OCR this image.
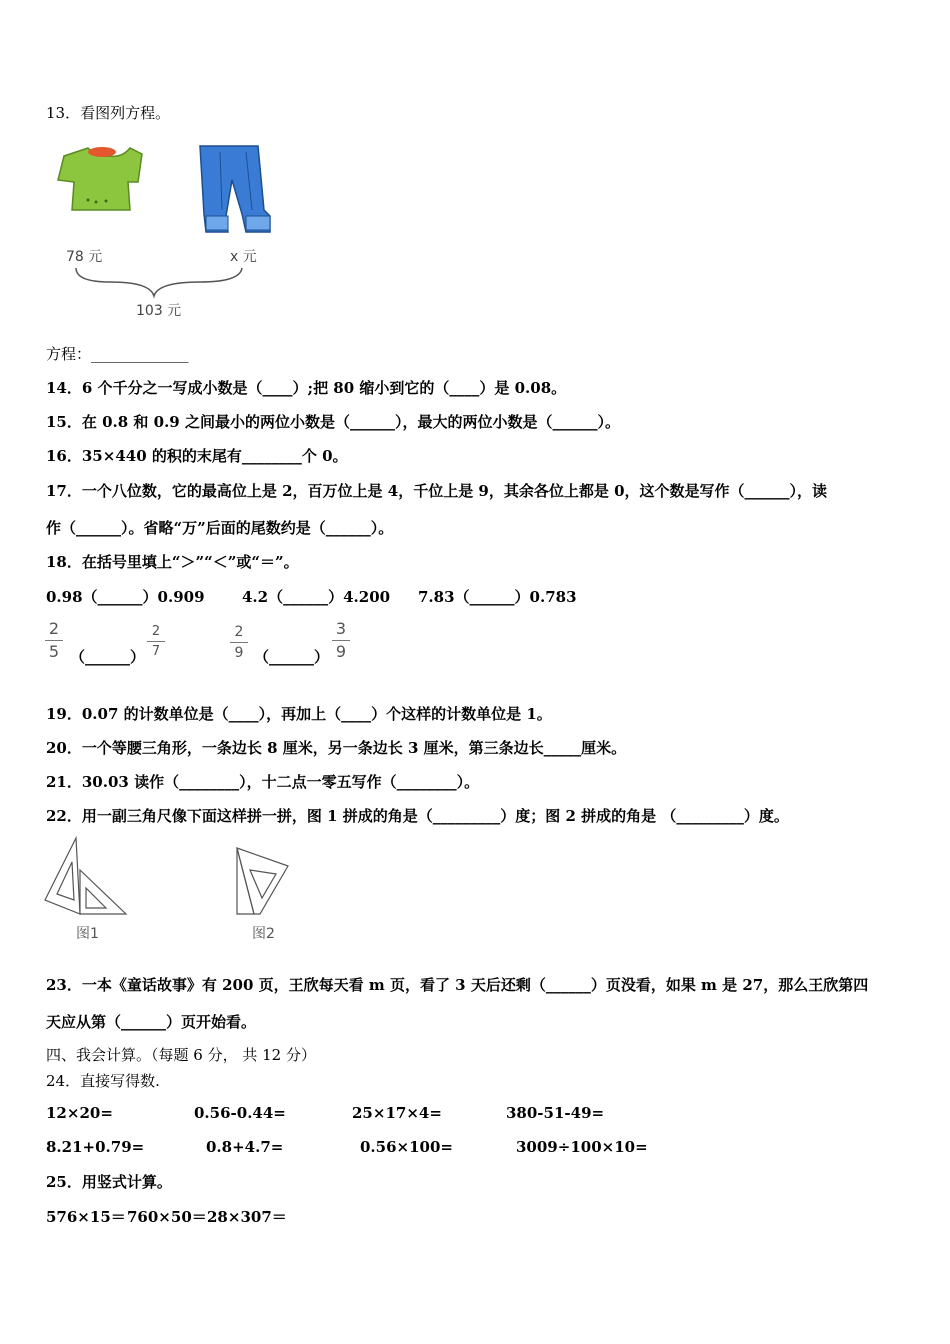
13．看图列方程。
78 元	x 元
103 元
方程：_____________
14．6 个千分之一写成小数是（____）;把 80 缩小到它的（____）是 0.08。
15．在 0.8 和 0.9 之间最小的两位小数是（______），最大的两位小数是（______）。
16．35×440 的积的末尾有________个 0。
17．一个八位数，它的最高位上是 2，百万位上是 4，千位上是 9，其余各位上都是 0，这个数是写作（______），读
作（______）。省略“万”后面的尾数约是（______）。
18．在括号里填上“＞”“＜”或“＝”。
0.98（______）0.909 4.2（______）4.200 7.83（______）0.783
2
5 （______）
2
7
2
9 （______）
3
9
19．0.07 的计数单位是（____），再加上（____）个这样的计数单位是 1。
20．一个等腰三角形，一条边长 8 厘米，另一条边长 3 厘米，第三条边长_____厘米。
21．30.03 读作（________），十二点一零五写作（________）。
22．用一副三角尺像下面这样拼一拼，图 1 拼成的角是（_________）度；图 2 拼成的角是 （_________）度。
图1	图2
23．一本《童话故事》有 200 页，王欣每天看 m 页，看了 3 天后还剩（______）页没看，如果 m 是 27，那么王欣第四
天应从第（______）页开始看。
四、我会计算。（每题 6 分， 共 12 分）
24．直接写得数.
12×20=	0.56-0.44=	25×17×4=	380-51-49=
8.21+0.79=	0.8+4.7=	0.56×100=	3009÷100×10=
25．用竖式计算。
576×15＝ 760×50＝ 28×307＝
